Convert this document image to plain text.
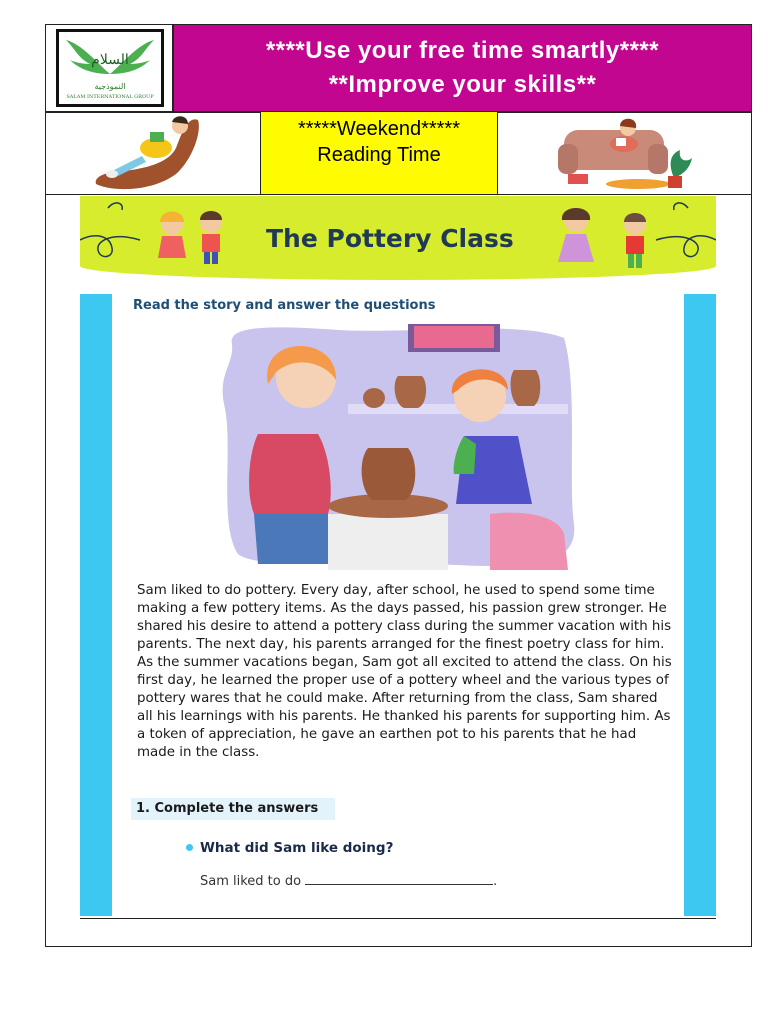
السلام
النموذجية
SALAM INTERNATIONAL GROUP
****Use your free time smartly****
**Improve your skills**
*****Weekend*****
Reading Time
The Pottery Class
Read the story and answer the questions
Sam liked to do pottery. Every day, after school, he used to spend some time making a few pottery items. As the days passed, his passion grew stronger. He shared his desire to attend a pottery class during the summer vacation with his parents. The next day, his parents arranged for the finest poetry class for him. As the summer vacations began, Sam got all excited to attend the class. On his first day, he learned the proper use of a pottery wheel and the various types of pottery wares that he could make. After returning from the class, Sam shared all his learnings with his parents. He thanked his parents for supporting him. As a token of appreciation, he gave an earthen pot to his parents that he had made in the class.
1. Complete the answers
What did Sam like doing?
Sam liked to do	.
